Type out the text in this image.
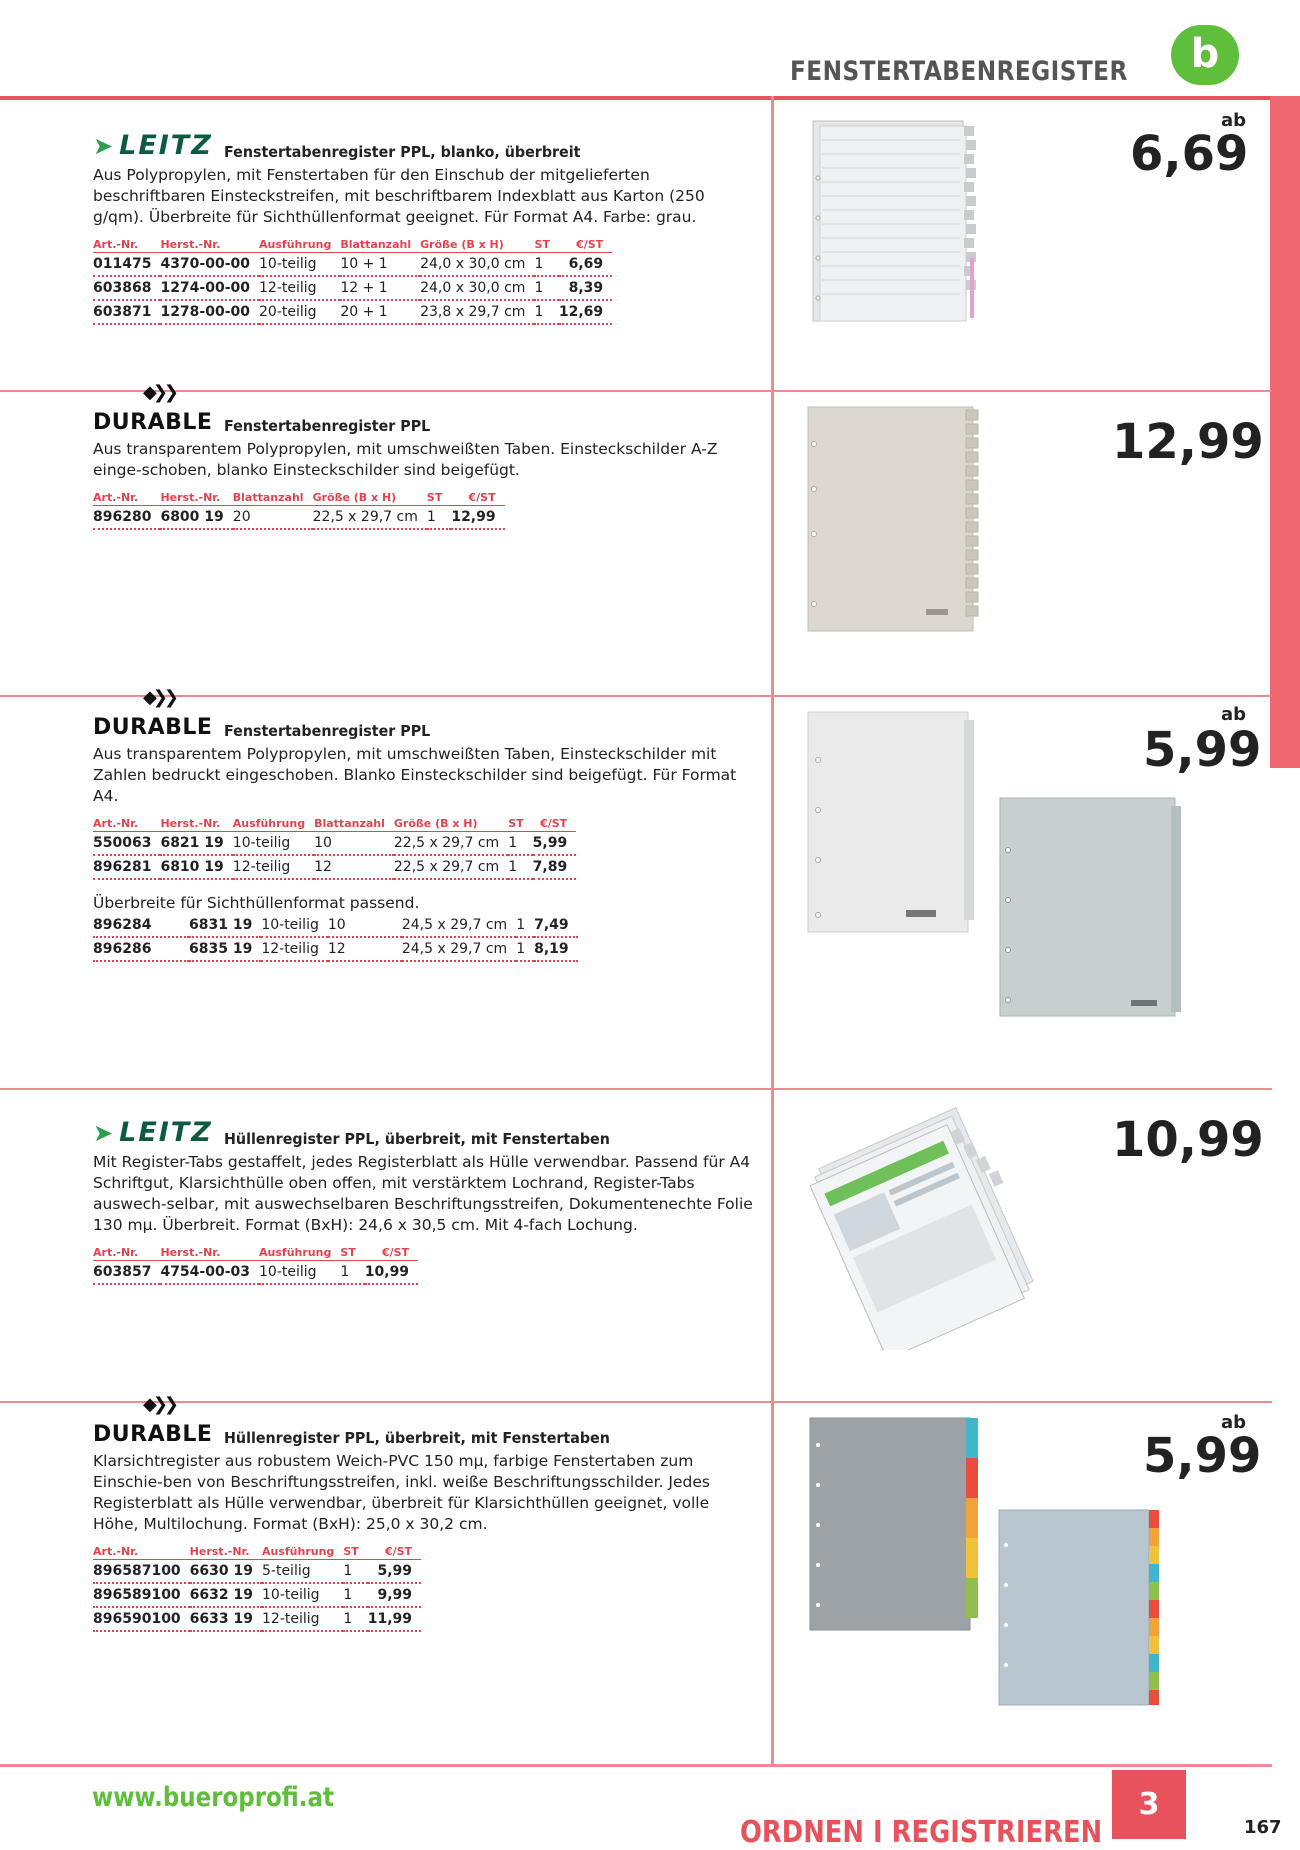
FENSTERTABENREGISTER	b
➤ LEITZ Fenstertabenregister PPL, blanko, überbreit
Aus Polypropylen, mit Fenstertaben für den Einschub der mitgelieferten beschriftbaren Einsteckstreifen, mit beschriftbarem Indexblatt aus Karton (250 g/qm). Überbreite für Sichthüllenformat geeignet. Für Format A4. Farbe: grau.
Art.-Nr.	Herst.-Nr.	Ausführung	Blattanzahl	Größe (B x H)	ST	€/ST
011475	4370-00-00	10-teilig	10 + 1	24,0 x 30,0 cm	1	6,69
603868	1274-00-00	12-teilig	12 + 1	24,0 x 30,0 cm	1	8,39
603871	1278-00-00	20-teilig	20 + 1	23,8 x 29,7 cm	1	12,69
ab
6,69
◆❯❯
DURABLE Fenstertabenregister PPL
Aus transparentem Polypropylen, mit umschweißten Taben. Einsteckschilder A-Z einge-schoben, blanko Einsteckschilder sind beigefügt.
Art.-Nr.	Herst.-Nr.	Blattanzahl	Größe (B x H)	ST	€/ST
896280	6800 19	20	22,5 x 29,7 cm	1	12,99
12,99
◆❯❯
DURABLE Fenstertabenregister PPL
Aus transparentem Polypropylen, mit umschweißten Taben, Einsteckschilder mit Zahlen bedruckt eingeschoben. Blanko Einsteckschilder sind beigefügt. Für Format A4.
Art.-Nr.	Herst.-Nr.	Ausführung	Blattanzahl	Größe (B x H)	ST	€/ST
550063	6821 19	10-teilig	10	22,5 x 29,7 cm	1	5,99
896281	6810 19	12-teilig	12	22,5 x 29,7 cm	1	7,89
Überbreite für Sichthüllenformat passend.
896284	6831 19	10-teilig	10	24,5 x 29,7 cm	1	7,49
896286	6835 19	12-teilig	12	24,5 x 29,7 cm	1	8,19
ab
5,99
➤ LEITZ Hüllenregister PPL, überbreit, mit Fenstertaben
Mit Register-Tabs gestaffelt, jedes Registerblatt als Hülle verwendbar. Passend für A4 Schriftgut, Klarsichthülle oben offen, mit verstärktem Lochrand, Register-Tabs auswech-selbar, mit auswechselbaren Beschriftungsstreifen, Dokumentenechte Folie 130 mµ. Überbreit. Format (BxH): 24,6 x 30,5 cm. Mit 4-fach Lochung.
Art.-Nr.	Herst.-Nr.	Ausführung	ST	€/ST
603857	4754-00-03	10-teilig	1	10,99
10,99
◆❯❯
DURABLE Hüllenregister PPL, überbreit, mit Fenstertaben
Klarsichtregister aus robustem Weich-PVC 150 mµ, farbige Fenstertaben zum Einschie-ben von Beschriftungsstreifen, inkl. weiße Beschriftungsschilder. Jedes Registerblatt als Hülle verwendbar, überbreit für Klarsichthüllen geeignet, volle Höhe, Multilochung. Format (BxH): 25,0 x 30,2 cm.
Art.-Nr.	Herst.-Nr.	Ausführung	ST	€/ST
896587100	6630 19	5-teilig	1	5,99
896589100	6632 19	10-teilig	1	9,99
896590100	6633 19	12-teilig	1	11,99
ab
5,99
www.bueroprofi.at
ORDNEN I REGISTRIEREN
3
167
